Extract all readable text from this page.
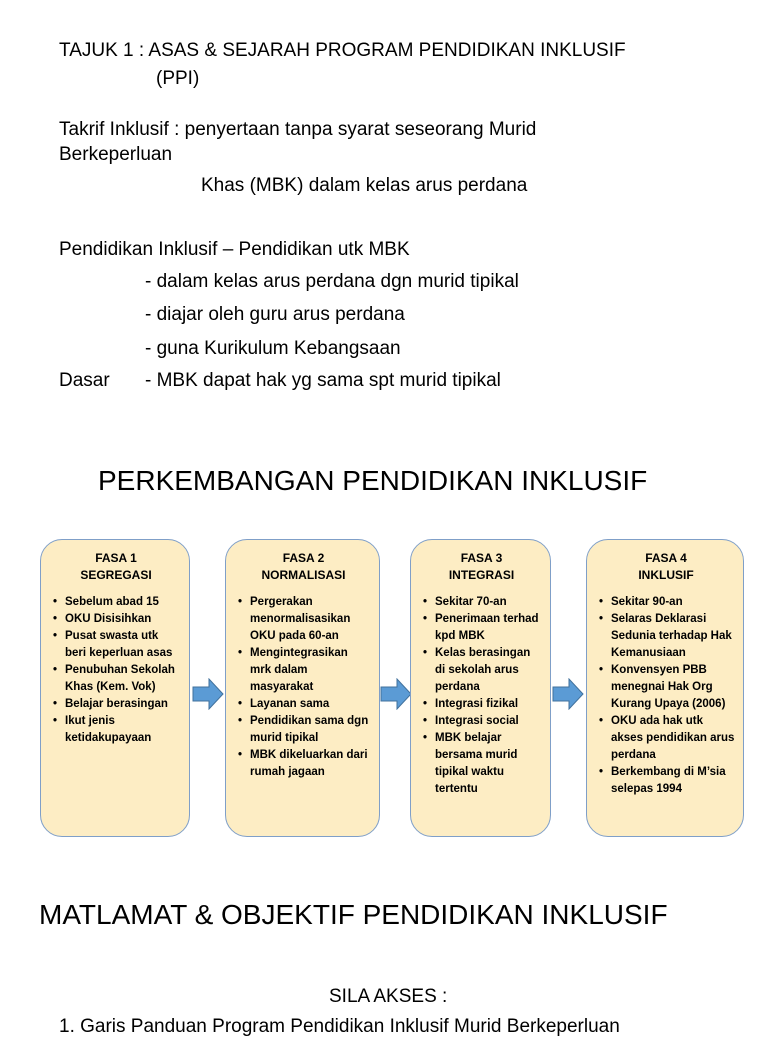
TAJUK 1 : ASAS & SEJARAH PROGRAM PENDIDIKAN INKLUSIF
(PPI)
Takrif Inklusif : penyertaan tanpa syarat seseorang Murid
Berkeperluan
Khas (MBK) dalam kelas arus perdana
Pendidikan Inklusif – Pendidikan utk MBK
- dalam kelas arus perdana dgn murid tipikal
- diajar oleh guru arus perdana
- guna Kurikulum Kebangsaan
Dasar - MBK dapat hak yg sama spt murid tipikal
PERKEMBANGAN PENDIDIKAN INKLUSIF
FASA 1
SEGREGASI
• Sebelum abad 15
• OKU Disisihkan
• Pusat swasta utk beri keperluan asas
• Penubuhan Sekolah Khas (Kem. Vok)
• Belajar berasingan
• Ikut jenis ketidakupayaan
FASA 2
NORMALISASI
• Pergerakan menormalisasikan OKU pada 60-an
• Mengintegrasikan mrk dalam masyarakat
• Layanan sama
• Pendidikan sama dgn murid tipikal
• MBK dikeluarkan dari rumah jagaan
FASA 3
INTEGRASI
• Sekitar 70-an
• Penerimaan terhad kpd MBK
• Kelas berasingan di sekolah arus perdana
• Integrasi fizikal
• Integrasi social
• MBK belajar bersama murid tipikal waktu tertentu
FASA 4
INKLUSIF
• Sekitar 90-an
• Selaras Deklarasi Sedunia terhadap Hak Kemanusiaan
• Konvensyen PBB menegnai Hak Org Kurang Upaya (2006)
• OKU ada hak utk akses pendidikan arus perdana
• Berkembang di M’sia selepas 1994
MATLAMAT & OBJEKTIF PENDIDIKAN INKLUSIF
SILA AKSES :
1. Garis Panduan Program Pendidikan Inklusif Murid Berkeperluan
